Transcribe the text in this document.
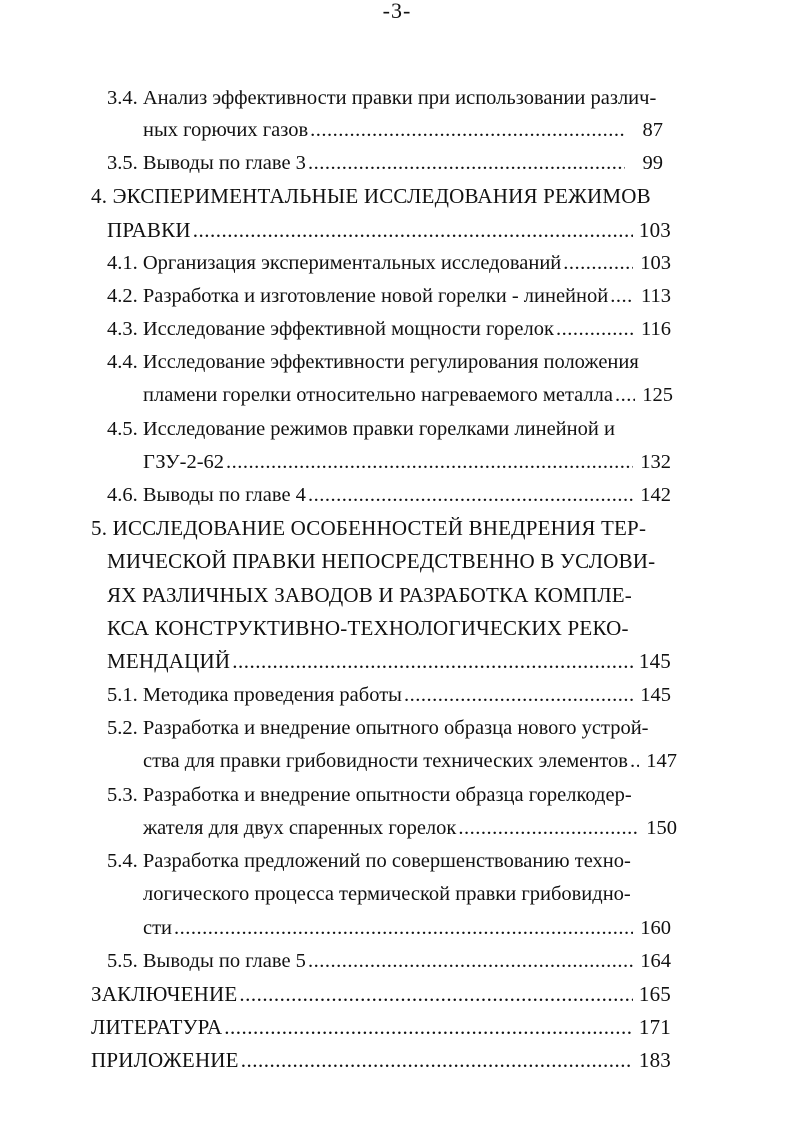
-3-
3.4. Анализ эффективности правки при использовании различ-
ных горючих газов .....	87
3.5. Выводы по главе 3 .....	99
4. ЭКСПЕРИМЕНТАЛЬНЫЕ ИССЛЕДОВАНИЯ РЕЖИМОВ
ПРАВКИ .....	103
4.1. Организация экспериментальных исследований .....	103
4.2. Разработка и изготовление новой горелки - линейной ..... 113
4.3. Исследование эффективной мощности горелок .....	116
4.4. Исследование эффективности регулирования положения
пламени горелки относительно нагреваемого металла ..... 125
4.5. Исследование режимов правки горелками линейной и
ГЗУ-2-62 .....	132
4.6. Выводы по главе 4 .....	142
5. ИССЛЕДОВАНИЕ ОСОБЕННОСТЕЙ ВНЕДРЕНИЯ ТЕР-
МИЧЕСКОЙ ПРАВКИ НЕПОСРЕДСТВЕННО В УСЛОВИ-
ЯХ РАЗЛИЧНЫХ ЗАВОДОВ И РАЗРАБОТКА КОМПЛЕ-
КСА КОНСТРУКТИВНО-ТЕХНОЛОГИЧЕСКИХ РЕКО-
МЕНДАЦИЙ .....	145
5.1. Методика проведения работы .....	145
5.2. Разработка и внедрение опытного образца нового устрой-
ства для правки грибовидности технических элементов ..... 147
5.3. Разработка и внедрение опытности образца горелкодер-
жателя для двух спаренных горелок .....	150
5.4. Разработка предложений по совершенствованию техно-
логического процесса термической правки грибовидно-
сти .....	160
5.5. Выводы по главе 5 .....	164
ЗАКЛЮЧЕНИЕ .....	165
ЛИТЕРАТУРА .....	171
ПРИЛОЖЕНИЕ .....	183
